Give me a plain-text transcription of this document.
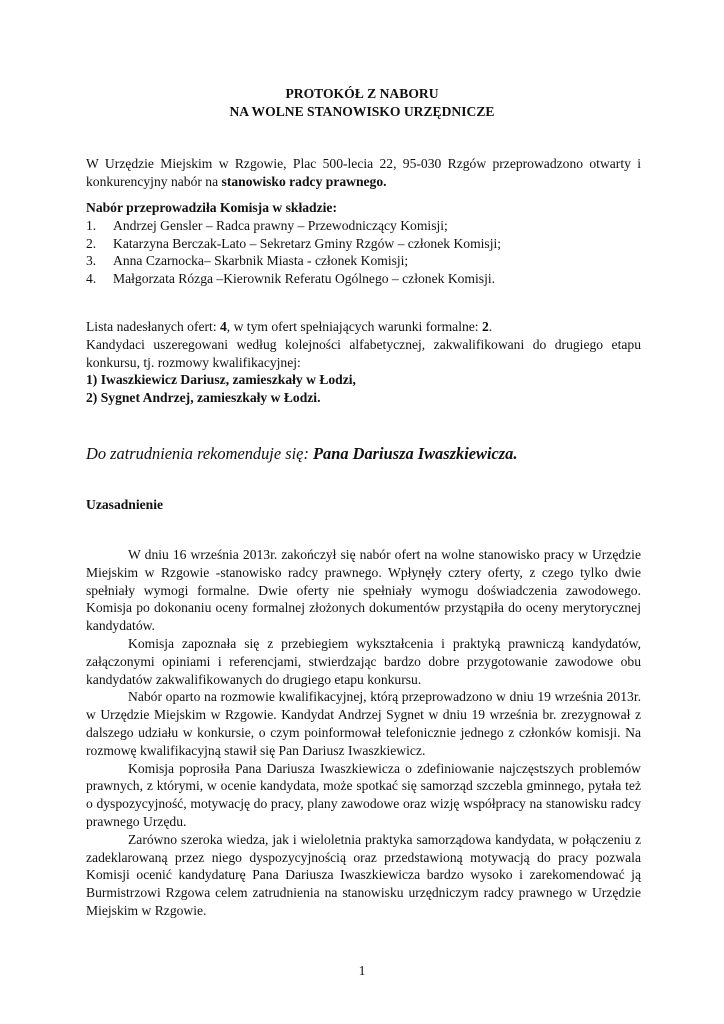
PROTOKÓŁ Z NABORU
NA WOLNE STANOWISKO URZĘDNICZE

W Urzędzie Miejskim w Rzgowie, Plac 500-lecia 22, 95-030 Rzgów przeprowadzono otwarty i konkurencyjny nabór na stanowisko radcy prawnego.

Nabór przeprowadziła Komisja w składzie:
1. Andrzej Gensler – Radca prawny – Przewodniczący Komisji;
2. Katarzyna Berczak-Lato – Sekretarz Gminy Rzgów – członek Komisji;
3. Anna Czarnocka– Skarbnik Miasta - członek Komisji;
4. Małgorzata Rózga –Kierownik Referatu Ogólnego – członek Komisji.

Lista nadesłanych ofert: 4, w tym ofert spełniających warunki formalne: 2.

Kandydaci uszeregowani według kolejności alfabetycznej, zakwalifikowani do drugiego etapu konkursu, tj. rozmowy kwalifikacyjnej:

1) Iwaszkiewicz Dariusz, zamieszkały w Łodzi,

2) Sygnet Andrzej, zamieszkały w Łodzi.

Do zatrudnienia rekomenduje się: Pana Dariusza Iwaszkiewicza.
Uzasadnienie

W dniu 16 września 2013r. zakończył się nabór ofert na wolne stanowisko pracy w Urzędzie Miejskim w Rzgowie -stanowisko radcy prawnego. Wpłynęły cztery oferty, z czego tylko dwie spełniały wymogi formalne. Dwie oferty nie spełniały wymogu doświadczenia zawodowego. Komisja po dokonaniu oceny formalnej złożonych dokumentów przystąpiła do oceny merytorycznej kandydatów.

Komisja zapoznała się z przebiegiem wykształcenia i praktyką prawniczą kandydatów, załączonymi opiniami i referencjami, stwierdzając bardzo dobre przygotowanie zawodowe obu kandydatów zakwalifikowanych do drugiego etapu konkursu.

Nabór oparto na rozmowie kwalifikacyjnej, którą przeprowadzono w dniu 19 września 2013r. w Urzędzie Miejskim w Rzgowie. Kandydat Andrzej Sygnet w dniu 19 września br. zrezygnował z dalszego udziału w konkursie, o czym poinformował telefonicznie jednego z członków komisji. Na rozmowę kwalifikacyjną stawił się Pan Dariusz Iwaszkiewicz.

Komisja poprosiła Pana Dariusza Iwaszkiewicza o zdefiniowanie najczęstszych problemów prawnych, z którymi, w ocenie kandydata, może spotkać się samorząd szczebla gminnego, pytała też o dyspozycyjność, motywację do pracy, plany zawodowe oraz wizję współpracy na stanowisku radcy prawnego Urzędu.

Zarówno szeroka wiedza, jak i wieloletnia praktyka samorządowa kandydata, w połączeniu z zadeklarowaną przez niego dyspozycyjnością oraz przedstawioną motywacją do pracy pozwala Komisji ocenić kandydaturę Pana Dariusza Iwaszkiewicza bardzo wysoko i zarekomendować ją Burmistrzowi Rzgowa celem zatrudnienia na stanowisku urzędniczym radcy prawnego w Urzędzie Miejskim w Rzgowie.

1
